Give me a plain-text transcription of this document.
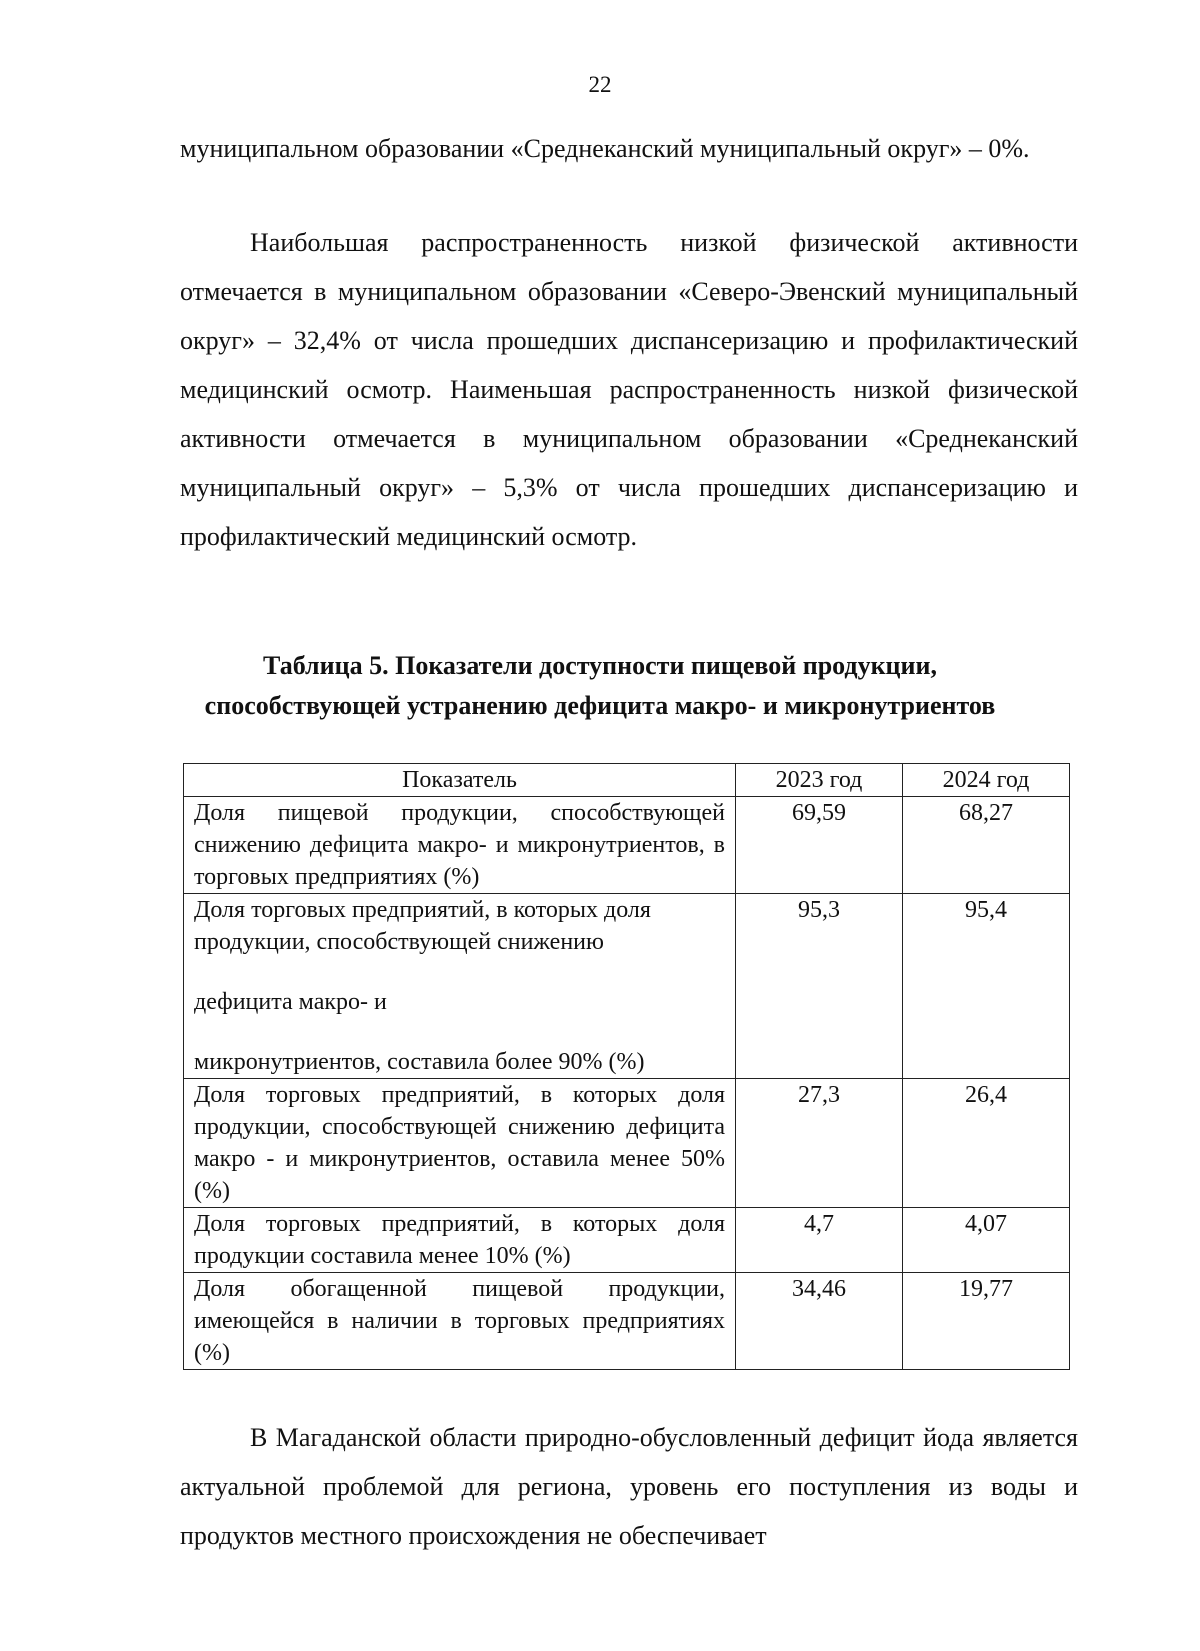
22

муниципальном образовании «Среднеканский муниципальный округ» – 0%.

Наибольшая распространенность низкой физической активности отмечается в муниципальном образовании «Северо-Эвенский муниципальный округ» – 32,4% от числа прошедших диспансеризацию и профилактический медицинский осмотр. Наименьшая распространенность низкой физической активности отмечается в муниципальном образовании «Среднеканский муниципальный округ» – 5,3% от числа прошедших диспансеризацию и профилактический медицинский осмотр.

Таблица 5. Показатели доступности пищевой продукции,
способствующей устранению дефицита макро- и микронутриентов
Показатель	2023 год	2024 год
Доля пищевой продукции, способствующей снижению дефицита макро- и микронутриентов, в торговых предприятиях (%)	69,59	68,27

Доля торговых предприятий, в которых доля продукции, способствующей снижению
дефицита макро- и
микронутриентов, составила более 90% (%)	95,3	95,4
Доля торговых предприятий, в которых доля продукции, способствующей снижению дефицита макро - и микронутриентов, оставила менее 50% (%)	27,3	26,4
Доля торговых предприятий, в которых доля продукции составила менее 10% (%)	4,7	4,07
Доля обогащенной пищевой продукции, имеющейся в наличии в торговых предприятиях (%)	34,46	19,77

В Магаданской области природно-обусловленный дефицит йода является актуальной проблемой для региона, уровень его поступления из воды и продуктов местного происхождения не обеспечивает
